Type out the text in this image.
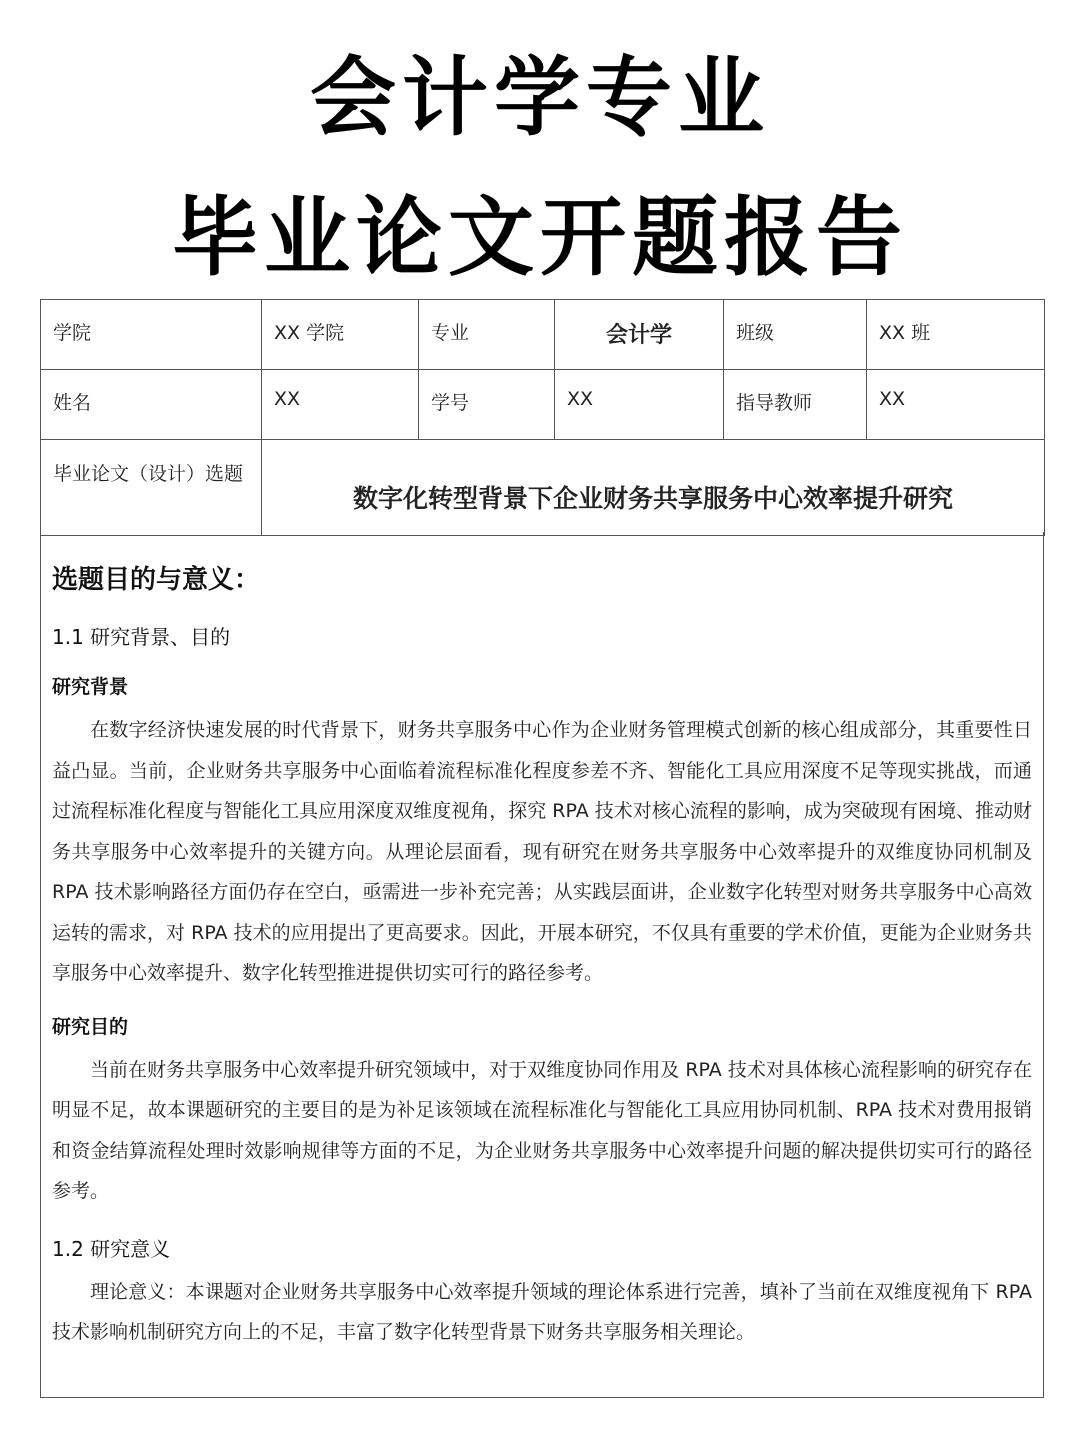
会计学专业
毕业论文开题报告
学院	XX 学院	专业	会计学	班级	XX 班
姓名	XX	学号	XX	指导教师	XX
毕业论文（设计）选题	数字化转型背景下企业财务共享服务中心效率提升研究				
选题目的与意义：
1.1 研究背景、目的
研究背景

在数字经济快速发展的时代背景下，财务共享服务中心作为企业财务管理模式创新的核心组成部分，其重要性日益凸显。当前，企业财务共享服务中心面临着流程标准化程度参差不齐、智能化工具应用深度不足等现实挑战，而通过流程标准化程度与智能化工具应用深度双维度视角，探究 RPA 技术对核心流程的影响，成为突破现有困境、推动财务共享服务中心效率提升的关键方向。从理论层面看，现有研究在财务共享服务中心效率提升的双维度协同机制及 RPA 技术影响路径方面仍存在空白，亟需进一步补充完善；从实践层面讲，企业数字化转型对财务共享服务中心高效运转的需求，对 RPA 技术的应用提出了更高要求。因此，开展本研究，不仅具有重要的学术价值，更能为企业财务共享服务中心效率提升、数字化转型推进提供切实可行的路径参考。

研究目的

当前在财务共享服务中心效率提升研究领域中，对于双维度协同作用及 RPA 技术对具体核心流程影响的研究存在明显不足，故本课题研究的主要目的是为补足该领域在流程标准化与智能化工具应用协同机制、RPA 技术对费用报销和资金结算流程处理时效影响规律等方面的不足，为企业财务共享服务中心效率提升问题的解决提供切实可行的路径参考。

1.2 研究意义

理论意义：本课题对企业财务共享服务中心效率提升领域的理论体系进行完善，填补了当前在双维度视角下 RPA 技术影响机制研究方向上的不足，丰富了数字化转型背景下财务共享服务相关理论。
